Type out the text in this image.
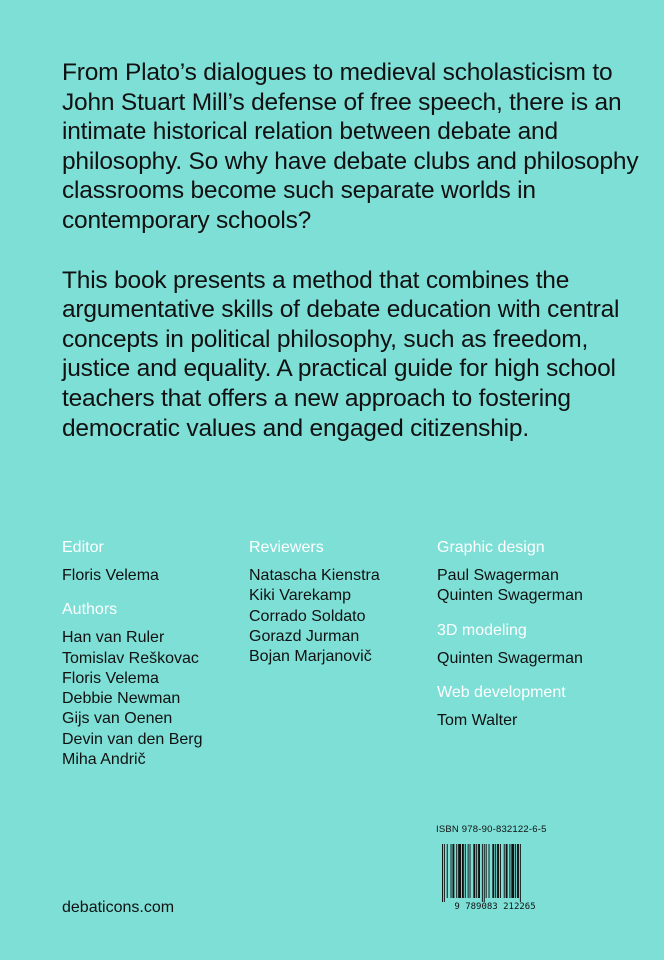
From Plato’s dialogues to medieval scholasticism to John Stuart Mill’s defense of free speech, there is an intimate historical relation between debate and philosophy. So why have debate clubs and philosophy classrooms become such separate worlds in contemporary schools?

This book presents a method that combines the argumentative skills of debate education with central concepts in political philosophy, such as freedom, justice and equality. A practical guide for high school teachers that offers a new approach to fostering democratic values and engaged citizenship.

Editor
Floris Velema
Authors
Han van Ruler
Tomislav Reškovac
Floris Velema
Debbie Newman
Gijs van Oenen
Devin van den Berg
Miha Andrič
Reviewers
Natascha Kienstra
Kiki Varekamp
Corrado Soldato
Gorazd Jurman
Bojan Marjanovič
Graphic design
Paul Swagerman
Quinten Swagerman
3D modeling
Quinten Swagerman
Web development
Tom Walter
debaticons.com
ISBN 978-90-832122-6-5
9 789083 212265
